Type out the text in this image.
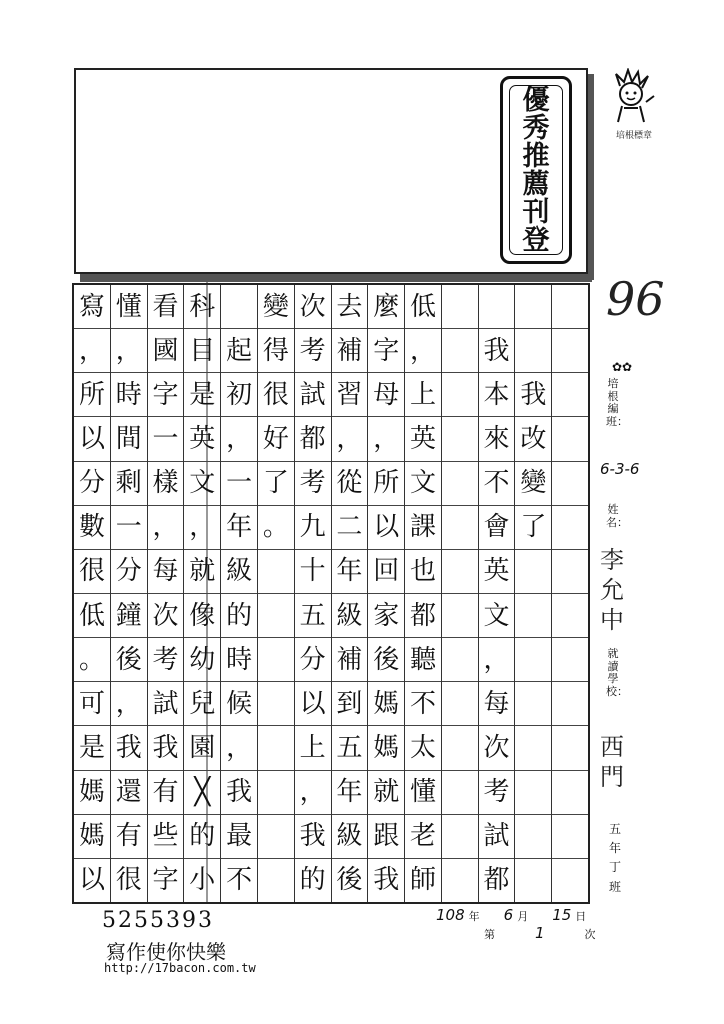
優
秀
推
薦
刊
登
培根標章
我
改
變
了
我
本
來
不
會
英
文
，
每
次
考
試
都
低
，
上
英
文
課
也
都
聽
不
太
懂
老
師
麼
字
母
，
所
以
回
家
後
媽
媽
就
跟
我
去
補
習
，
從
二
年
級
補
到
五
年
級
後
次
考
試
都
考
九
十
五
分
以
上
，
我
的
變
得
很
好
了
。
起
初
，
一
年
級
的
時
候
，
我
最
不
科
目
是
英
文
，
就
像
幼
兒
園
╳
的
小
看
國
字
一
樣
，
每
次
考
試
我
有
些
字
懂
，
時
間
剩
一
分
鐘
後
，
我
還
有
很
寫
，
所
以
分
數
很
低
。
可
是
媽
媽
以
96
✿✿
培根編班：
6-3-6
姓名：
李允中
就讀學校：
西門
五年丁班
5255393
寫作使你快樂
http://17bacon.com.tw
108 年 6 月 15 日
第	1	次
